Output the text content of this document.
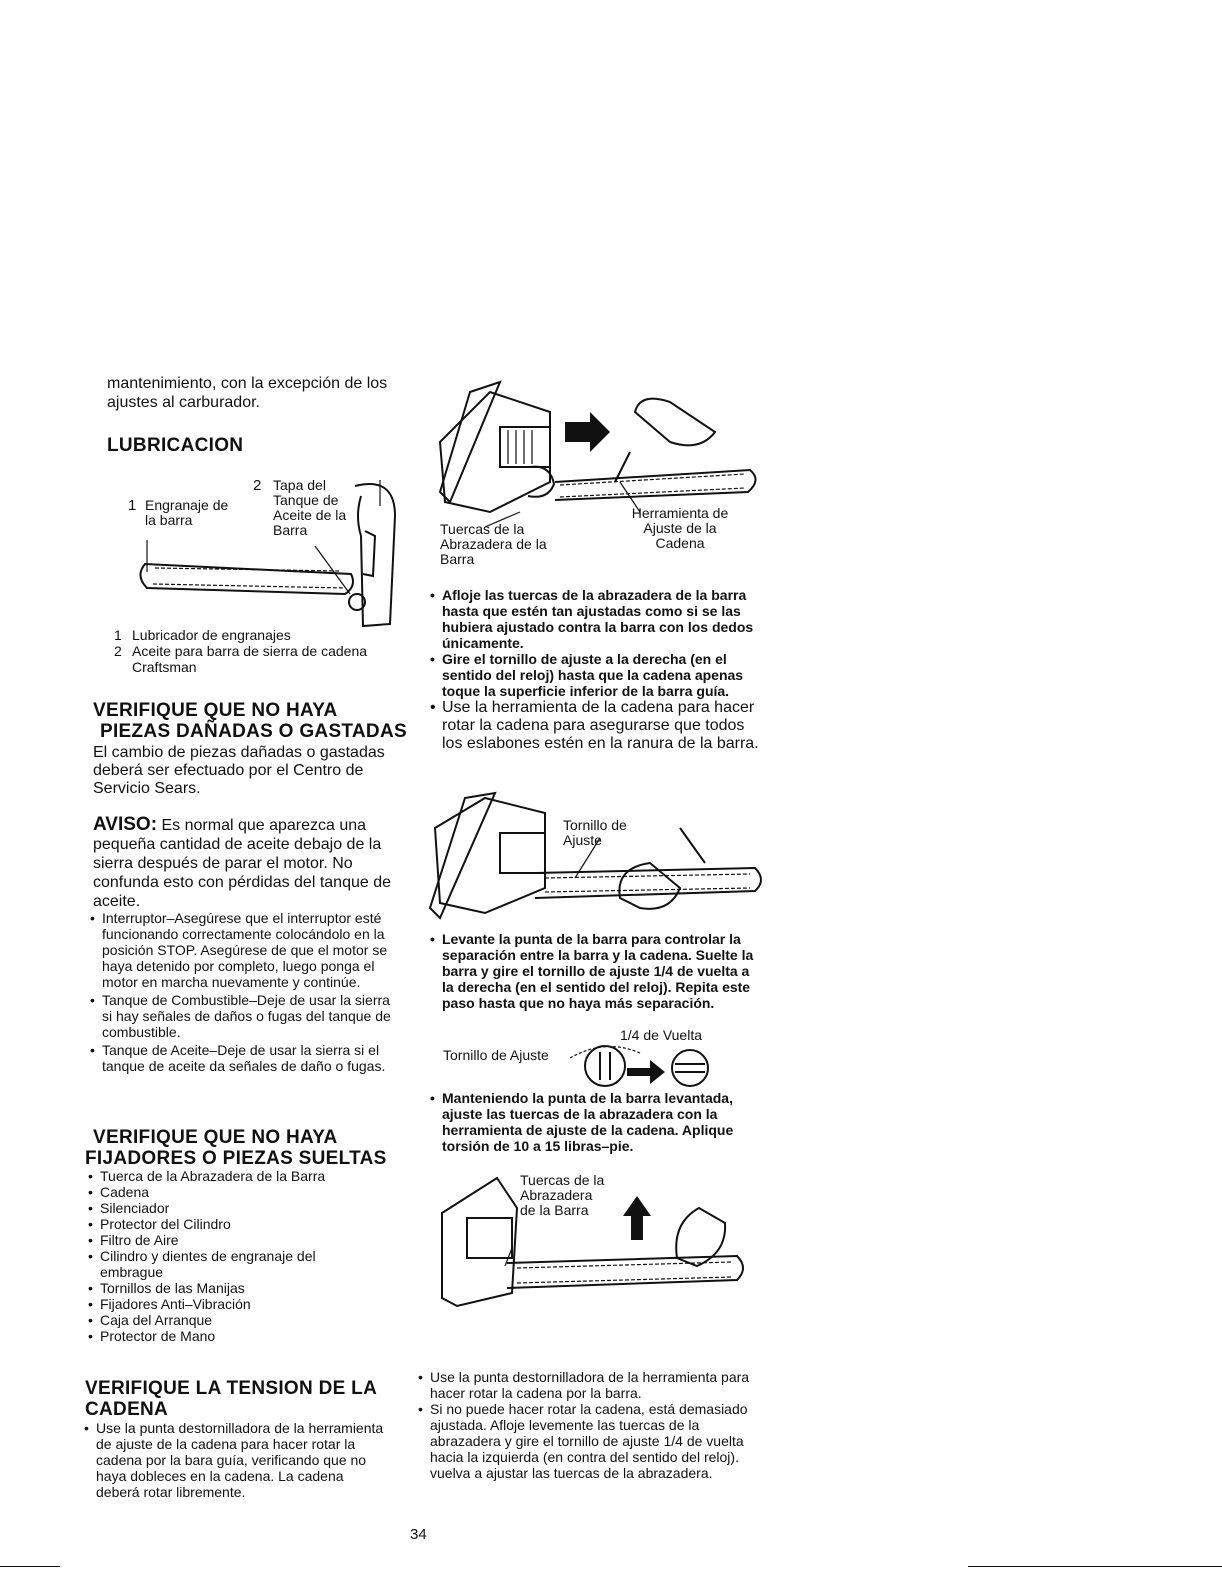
mantenimiento, con la excepción de los ajustes al carburador.
LUBRICACION
1 Engranaje de la barra
2 Tapa del Tanque de Aceite de la Barra
1 Lubricador de engranajes
2 Aceite para barra de sierra de cadena Craftsman
VERIFIQUE QUE NO HAYA
PIEZAS DAÑADAS O GASTADAS
El cambio de piezas dañadas o gastadas deberá ser efectuado por el Centro de Servicio Sears.
AVISO: Es normal que aparezca una pequeña cantidad de aceite debajo de la sierra después de parar el motor. No confunda esto con pérdidas del tanque de aceite.
• Interruptor–Asegúrese que el interruptor esté funcionando correctamente colocándolo en la posición STOP. Asegúrese de que el motor se haya detenido por completo, luego ponga el motor en marcha nuevamente y continúe.
• Tanque de Combustible–Deje de usar la sierra si hay señales de daños o fugas del tanque de combustible.
• Tanque de Aceite–Deje de usar la sierra si el tanque de aceite da señales de daño o fugas.
VERIFIQUE QUE NO HAYA
FIJADORES O PIEZAS SUELTAS
• Tuerca de la Abrazadera de la Barra
• Cadena
• Silenciador
• Protector del Cilindro
• Filtro de Aire
• Cilindro y dientes de engranaje del embrague
• Tornillos de las Manijas
• Fijadores Anti–Vibración
• Caja del Arranque
• Protector de Mano
VERIFIQUE LA TENSION DE LA
CADENA
• Use la punta destornilladora de la herramienta de ajuste de la cadena para hacer rotar la cadena por la bara guía, verificando que no haya dobleces en la cadena. La cadena deberá rotar libremente.
Tuercas de la Abrazadera de la Barra
Herramienta de Ajuste de la Cadena
• Afloje las tuercas de la abrazadera de la barra hasta que estén tan ajustadas como si se las hubiera ajustado contra la barra con los dedos únicamente.
• Gire el tornillo de ajuste a la derecha (en el sentido del reloj) hasta que la cadena apenas toque la superficie inferior de la barra guía.
• Use la herramienta de la cadena para hacer rotar la cadena para asegurarse que todos los eslabones estén en la ranura de la barra.
Tornillo de Ajuste
• Levante la punta de la barra para controlar la separación entre la barra y la cadena. Suelte la barra y gire el tornillo de ajuste 1/4 de vuelta a la derecha (en el sentido del reloj). Repita este paso hasta que no haya más separación.
1/4 de Vuelta
Tornillo de Ajuste
• Manteniendo la punta de la barra levantada, ajuste las tuercas de la abrazadera con la herramienta de ajuste de la cadena. Aplique torsión de 10 a 15 libras–pie.
Tuercas de la Abrazadera de la Barra
• Use la punta destornilladora de la herramienta para hacer rotar la cadena por la barra.
• Si no puede hacer rotar la cadena, está demasiado ajustada. Afloje levemente las tuercas de la abrazadera y gire el tornillo de ajuste 1/4 de vuelta hacia la izquierda (en contra del sentido del reloj). vuelva a ajustar las tuercas de la abrazadera.
34
